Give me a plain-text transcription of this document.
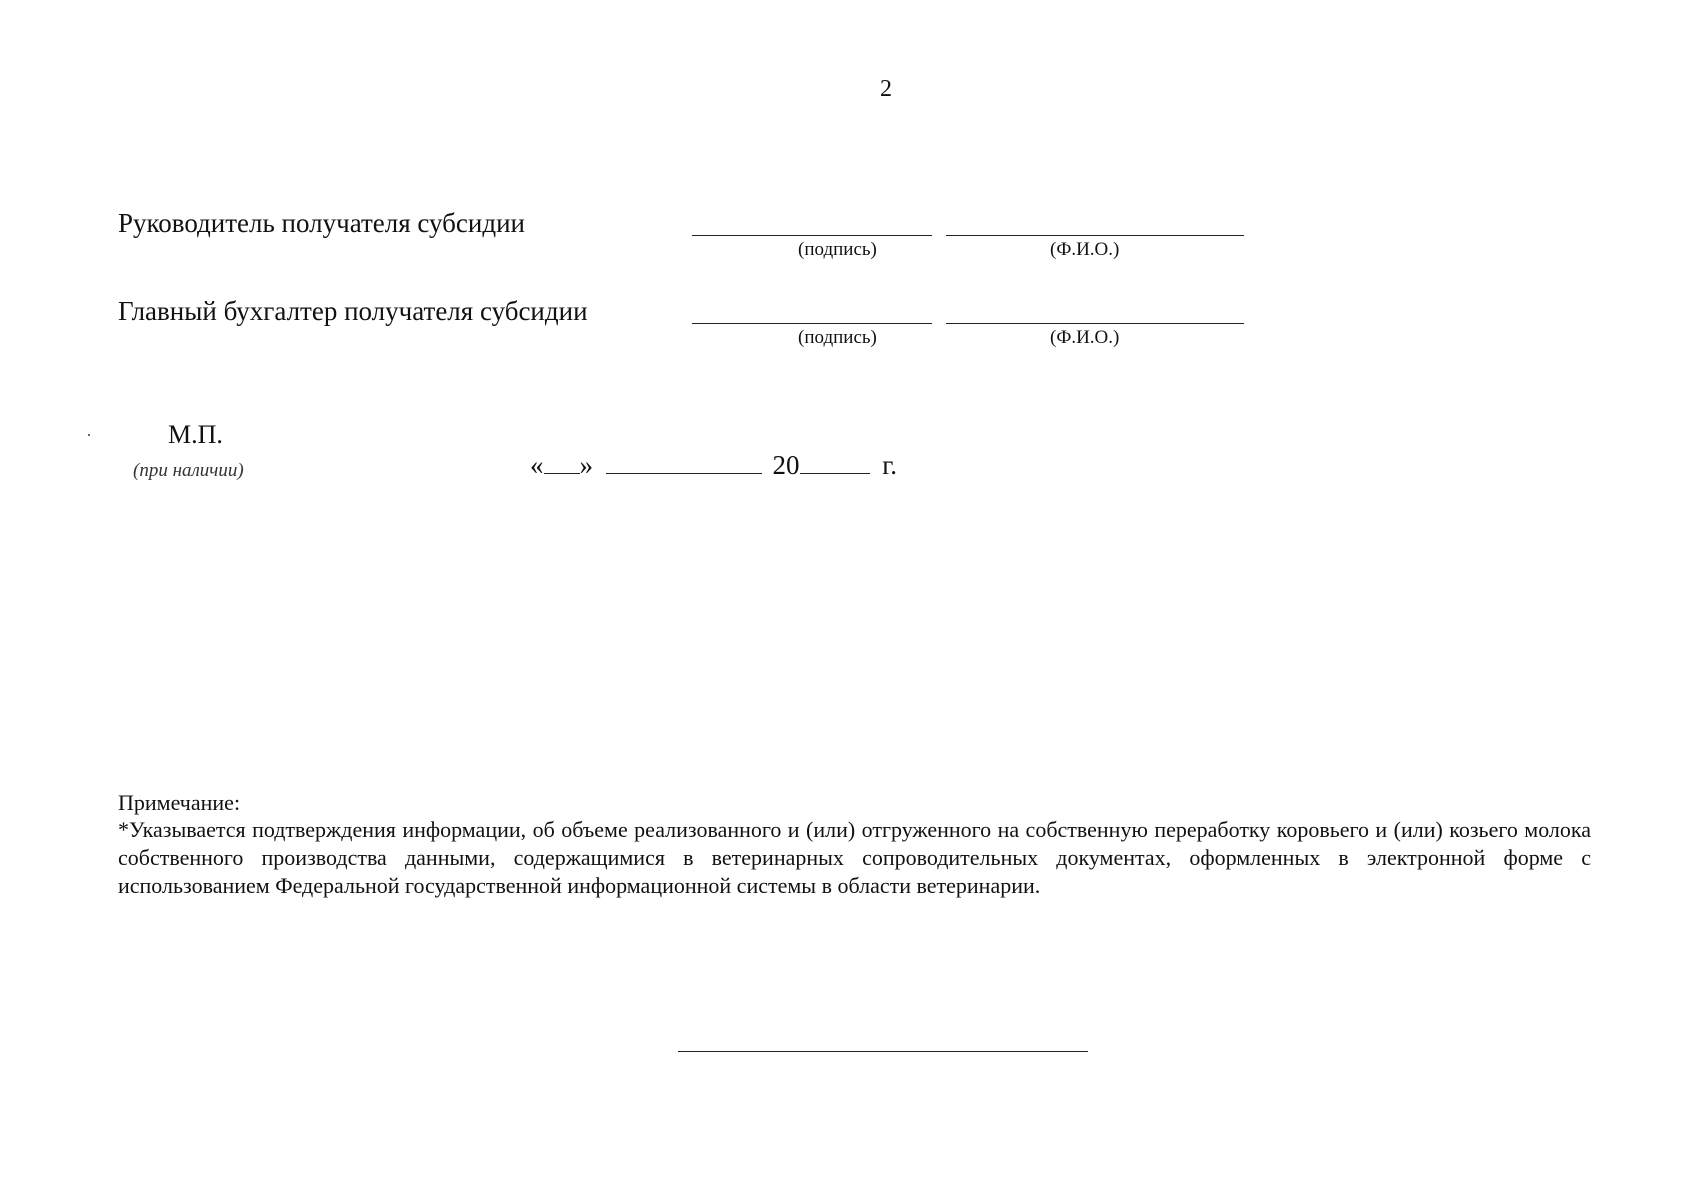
2
Руководитель получателя субсидии
(подпись)	(Ф.И.О.)
Главный бухгалтер получателя субсидии
(подпись)	(Ф.И.О.)
М.П.
(при наличии)	« »	20	г.
Примечание:
*Указывается подтверждения информации, об объеме реализованного и (или) отгруженного на собственную переработку коровьего и (или) козьего молока собственного производства данными, содержащимися в ветеринарных сопроводительных документах, оформленных в электронной форме с использованием Федеральной государственной информационной системы в области ветеринарии.
